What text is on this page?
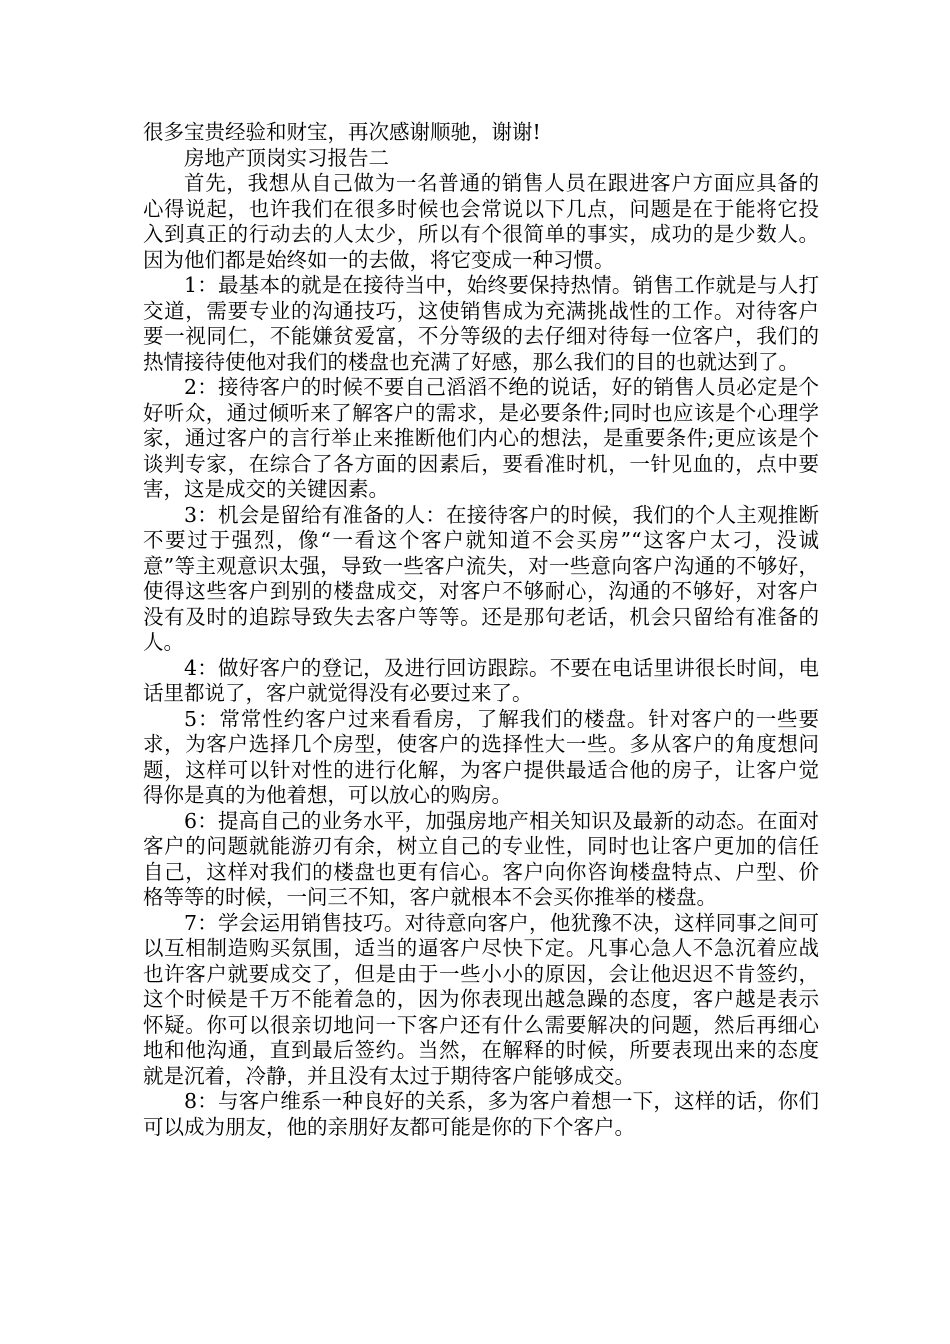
很多宝贵经验和财宝，再次感谢顺驰，谢谢!

房地产顶岗实习报告二

首先，我想从自己做为一名普通的销售人员在跟进客户方面应具备的心得说起，也许我们在很多时候也会常说以下几点，问题是在于能将它投入到真正的行动去的人太少，所以有个很简单的事实，成功的是少数人。因为他们都是始终如一的去做，将它变成一种习惯。

1：最基本的就是在接待当中，始终要保持热情。销售工作就是与人打交道，需要专业的沟通技巧，这使销售成为充满挑战性的工作。对待客户要一视同仁，不能嫌贫爱富，不分等级的去仔细对待每一位客户，我们的热情接待使他对我们的楼盘也充满了好感，那么我们的目的也就达到了。

2：接待客户的时候不要自己滔滔不绝的说话，好的销售人员必定是个好听众，通过倾听来了解客户的需求，是必要条件;同时也应该是个心理学家，通过客户的言行举止来推断他们内心的想法，是重要条件;更应该是个谈判专家，在综合了各方面的因素后，要看准时机，一针见血的，点中要害，这是成交的关键因素。

3：机会是留给有准备的人：在接待客户的时候，我们的个人主观推断不要过于强烈，像“一看这个客户就知道不会买房”“这客户太刁，没诚意”等主观意识太强，导致一些客户流失，对一些意向客户沟通的不够好，使得这些客户到别的楼盘成交，对客户不够耐心，沟通的不够好，对客户没有及时的追踪导致失去客户等等。还是那句老话，机会只留给有准备的人。

4：做好客户的登记，及进行回访跟踪。不要在电话里讲很长时间，电话里都说了，客户就觉得没有必要过来了。

5：常常性约客户过来看看房，了解我们的楼盘。针对客户的一些要求，为客户选择几个房型，使客户的选择性大一些。多从客户的角度想问题，这样可以针对性的进行化解，为客户提供最适合他的房子，让客户觉得你是真的为他着想，可以放心的购房。

6：提高自己的业务水平，加强房地产相关知识及最新的动态。在面对客户的问题就能游刃有余，树立自己的专业性，同时也让客户更加的信任自己，这样对我们的楼盘也更有信心。客户向你咨询楼盘特点、户型、价格等等的时候，一问三不知，客户就根本不会买你推举的楼盘。

7：学会运用销售技巧。对待意向客户，他犹豫不决，这样同事之间可以互相制造购买氛围，适当的逼客户尽快下定。凡事心急人不急沉着应战也许客户就要成交了，但是由于一些小小的原因，会让他迟迟不肯签约，这个时候是千万不能着急的，因为你表现出越急躁的态度，客户越是表示怀疑。你可以很亲切地问一下客户还有什么需要解决的问题，然后再细心地和他沟通，直到最后签约。当然，在解释的时候，所要表现出来的态度就是沉着，冷静，并且没有太过于期待客户能够成交。

8：与客户维系一种良好的关系，多为客户着想一下，这样的话，你们可以成为朋友，他的亲朋好友都可能是你的下个客户。
